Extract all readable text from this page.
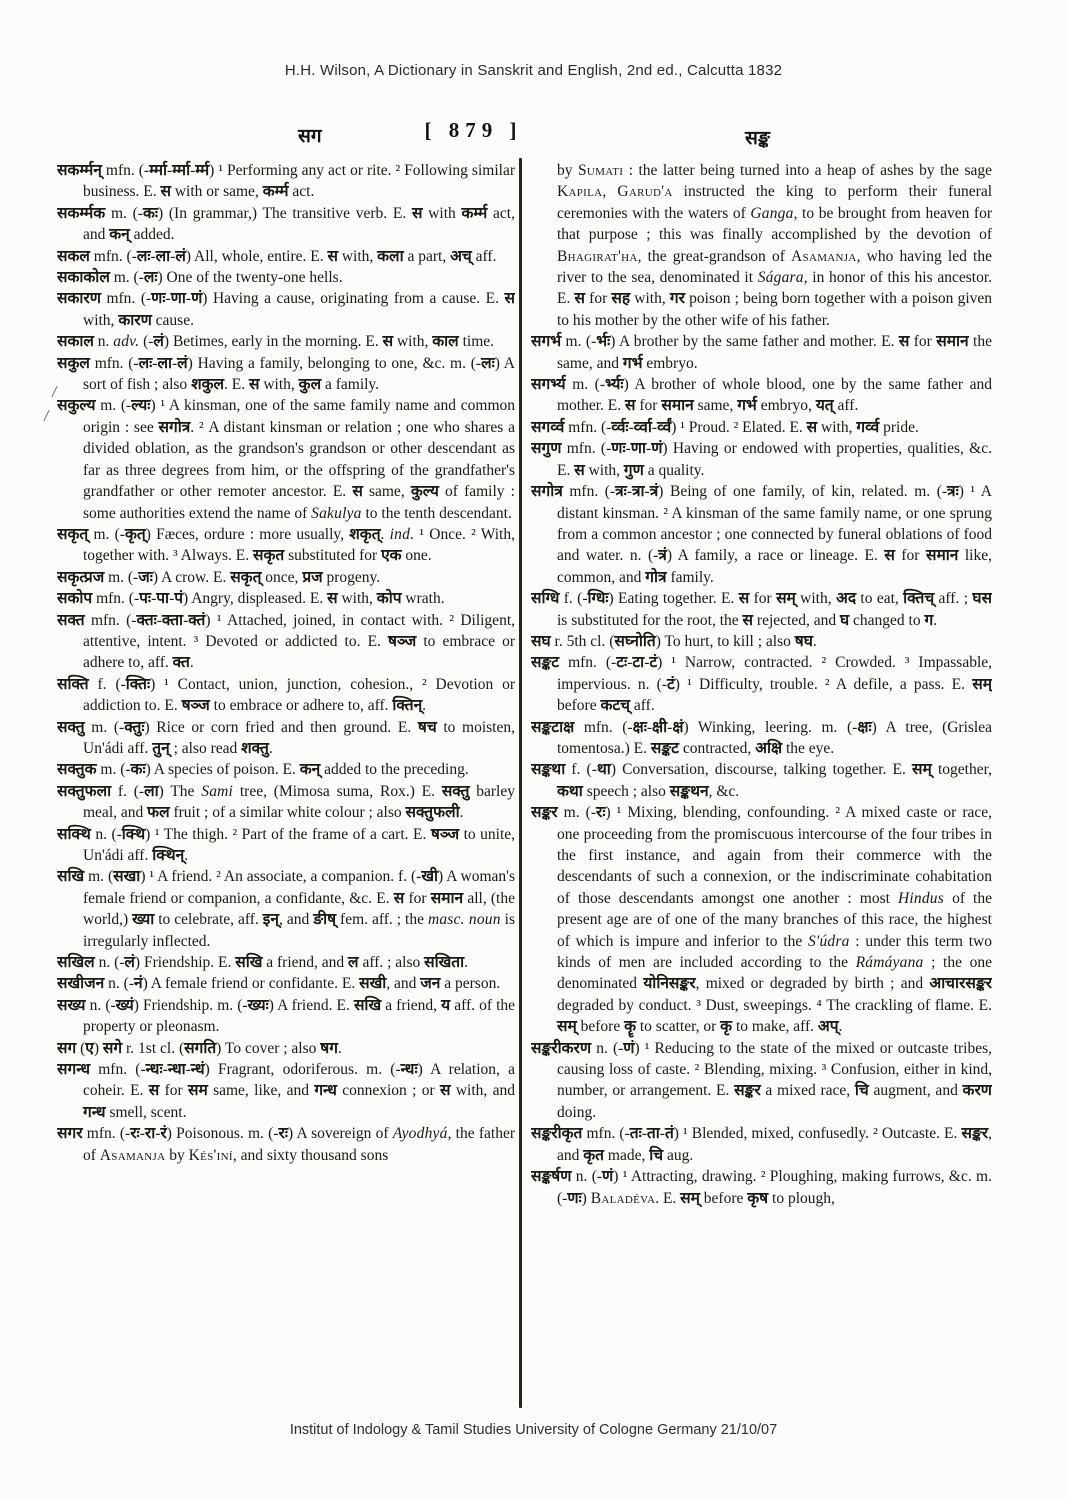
H.H. Wilson, A Dictionary in Sanskrit and English, 2nd ed., Calcutta 1832
सग	[ 879 ]	सङ्क
/ /

सकर्म्मन् mfn. (-र्म्मा-र्म्मा-र्म्म) ¹ Performing any act or rite. ² Following similar business. E. स with or same, कर्म्म act.

सकर्म्मक m. (-कः) (In grammar,) The transitive verb. E. स with कर्म्म act, and कन् added.

सकल mfn. (-लः-ला-लं) All, whole, entire. E. स with, कला a part, अच् aff.

सकाकोल m. (-लः) One of the twenty-one hells.

सकारण mfn. (-णः-णा-णं) Having a cause, originating from a cause. E. स with, कारण cause.

सकाल n. adv. (-लं) Betimes, early in the morning. E. स with, काल time.

सकुल mfn. (-लः-ला-लं) Having a family, belonging to one, &c. m. (-लः) A sort of fish ; also शकुल. E. स with, कुल a family.

सकुल्य m. (-ल्यः) ¹ A kinsman, one of the same family name and common origin : see सगोत्र. ² A distant kinsman or relation ; one who shares a divided oblation, as the grandson's grandson or other descendant as far as three degrees from him, or the offspring of the grandfather's grandfather or other remoter ancestor. E. स same, कुल्य of family : some authorities extend the name of Sakulya to the tenth descendant.

सकृत् m. (-कृत्) Fæces, ordure : more usually, शकृत्. ind. ¹ Once. ² With, together with. ³ Always. E. सकृत substituted for एक one.

सकृत्प्रज m. (-जः) A crow. E. सकृत् once, प्रज progeny.

सकोप mfn. (-पः-पा-पं) Angry, displeased. E. स with, कोप wrath.

सक्त mfn. (-क्तः-क्ता-क्तं) ¹ Attached, joined, in contact with. ² Diligent, attentive, intent. ³ Devoted or addicted to. E. षञ्ज to embrace or adhere to, aff. क्त.

सक्ति f. (-क्तिः) ¹ Contact, union, junction, cohesion., ² Devotion or addiction to. E. षञ्ज to embrace or adhere to, aff. क्तिन्.

सक्तु m. (-क्तुः) Rice or corn fried and then ground. E. षच to moisten, Un'ádi aff. तुन् ; also read शक्तु.

सक्तुक m. (-कः) A species of poison. E. कन् added to the preceding.

सक्तुफला f. (-ला) The Sami tree, (Mimosa suma, Rox.) E. सक्तु barley meal, and फल fruit ; of a similar white colour ; also सक्तुफली.

सक्थि n. (-क्थि) ¹ The thigh. ² Part of the frame of a cart. E. षञ्ज to unite, Un'ádi aff. क्थिन्.

सखि m. (सखा) ¹ A friend. ² An associate, a companion. f. (-खी) A woman's female friend or companion, a confidante, &c. E. स for समान all, (the world,) ख्या to celebrate, aff. इन्, and ङीष् fem. aff. ; the masc. noun is irregularly inflected.

सखिल n. (-लं) Friendship. E. सखि a friend, and ल aff. ; also सखिता.

सखीजन n. (-नं) A female friend or confidante. E. सखी, and जन a person.

सख्य n. (-ख्यं) Friendship. m. (-ख्यः) A friend. E. सखि a friend, य aff. of the property or pleonasm.

सग (ए) सगे r. 1st cl. (सगति) To cover ; also षग.

सगन्ध mfn. (-न्धः-न्धा-न्धं) Fragrant, odoriferous. m. (-न्धः) A relation, a coheir. E. स for सम same, like, and गन्ध connexion ; or स with, and गन्ध smell, scent.

सगर mfn. (-रः-रा-रं) Poisonous. m. (-रः) A sovereign of Ayodhyá, the father of Asamanja by Kés'iní, and sixty thousand sons

by Sumati : the latter being turned into a heap of ashes by the sage Kapila, Garud'a instructed the king to perform their funeral ceremonies with the waters of Ganga, to be brought from heaven for that purpose ; this was finally accomplished by the devotion of Bhagirat'ha, the great-grandson of Asamanja, who having led the river to the sea, denominated it Ságara, in honor of this his ancestor. E. स for सह with, गर poison ; being born together with a poison given to his mother by the other wife of his father.

सगर्भ m. (-र्भः) A brother by the same father and mother. E. स for समान the same, and गर्भ embryo.

सगर्भ्य m. (-र्भ्यः) A brother of whole blood, one by the same father and mother. E. स for समान same, गर्भ embryo, यत् aff.

सगर्व्व mfn. (-र्व्वः-र्व्वा-र्व्वं) ¹ Proud. ² Elated. E. स with, गर्व्व pride.

सगुण mfn. (-णः-णा-णं) Having or endowed with properties, qualities, &c. E. स with, गुण a quality.

सगोत्र mfn. (-त्रः-त्रा-त्रं) Being of one family, of kin, related. m. (-त्रः) ¹ A distant kinsman. ² A kinsman of the same family name, or one sprung from a common ancestor ; one connected by funeral oblations of food and water. n. (-त्रं) A family, a race or lineage. E. स for समान like, common, and गोत्र family.

सग्धि f. (-ग्धिः) Eating together. E. स for सम् with, अद to eat, क्तिच् aff. ; घस is substituted for the root, the स rejected, and घ changed to ग.

सघ r. 5th cl. (सघ्नोति) To hurt, to kill ; also षघ.

सङ्कट mfn. (-टः-टा-टं) ¹ Narrow, contracted. ² Crowded. ³ Impassable, impervious. n. (-टं) ¹ Difficulty, trouble. ² A defile, a pass. E. सम् before कटच् aff.

सङ्कटाक्ष mfn. (-क्षः-क्षी-क्षं) Winking, leering. m. (-क्षः) A tree, (Grislea tomentosa.) E. सङ्कट contracted, अक्षि the eye.

सङ्कथा f. (-था) Conversation, discourse, talking together. E. सम् together, कथा speech ; also सङ्कथन, &c.

सङ्कर m. (-रः) ¹ Mixing, blending, confounding. ² A mixed caste or race, one proceeding from the promiscuous intercourse of the four tribes in the first instance, and again from their commerce with the descendants of such a connexion, or the indiscriminate cohabitation of those descendants amongst one another : most Hindus of the present age are of one of the many branches of this race, the highest of which is impure and inferior to the S'údra : under this term two kinds of men are included according to the Rámáyana ; the one denominated योनिसङ्कर, mixed or degraded by birth ; and आचारसङ्कर degraded by conduct. ³ Dust, sweepings. ⁴ The crackling of flame. E. सम् before कॄ to scatter, or कृ to make, aff. अप्.

सङ्करीकरण n. (-णं) ¹ Reducing to the state of the mixed or outcaste tribes, causing loss of caste. ² Blending, mixing. ³ Confusion, either in kind, number, or arrangement. E. सङ्कर a mixed race, चि augment, and करण doing.

सङ्करीकृत mfn. (-तः-ता-तं) ¹ Blended, mixed, confusedly. ² Outcaste. E. सङ्कर, and कृत made, चि aug.

सङ्कर्षण n. (-णं) ¹ Attracting, drawing. ² Ploughing, making furrows, &c. m. (-णः) Baladéva. E. सम् before कृष to plough,

Institut of Indology & Tamil Studies University of Cologne Germany 21/10/07
